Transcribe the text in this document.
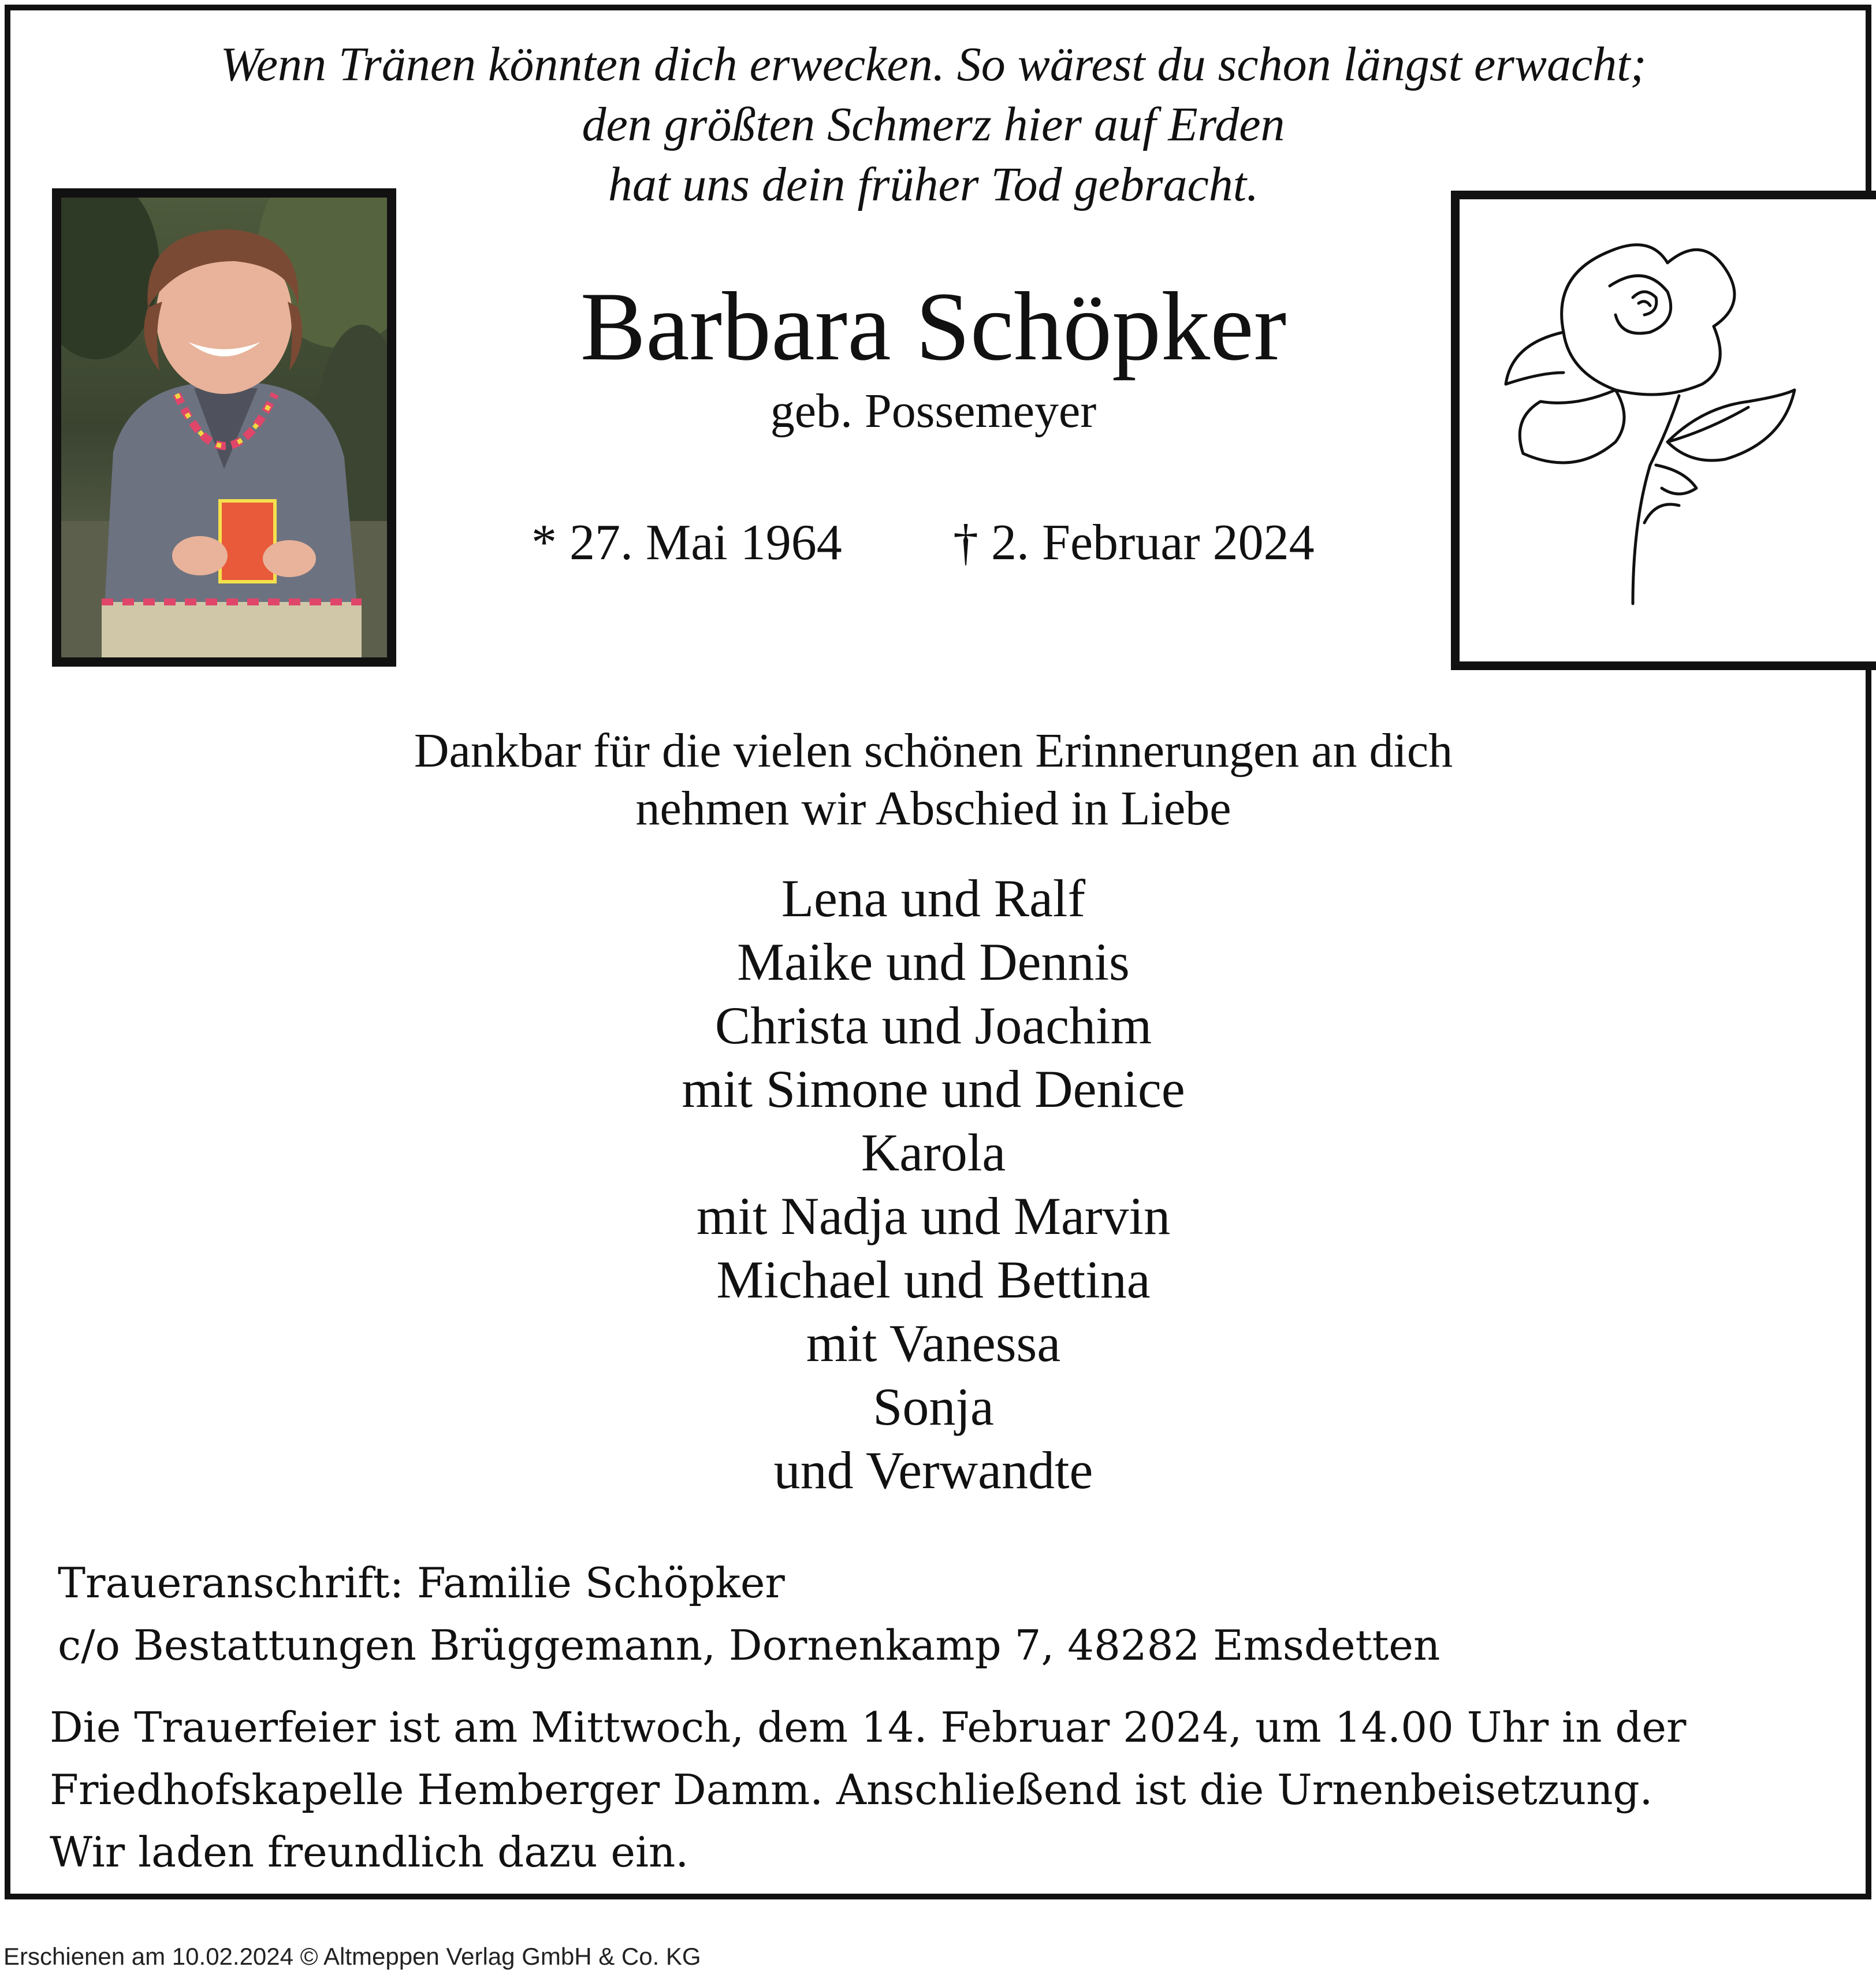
Wenn Tränen könnten dich erwecken. So wärest du schon längst erwacht;
den größten Schmerz hier auf Erden
hat uns dein früher Tod gebracht.
Barbara Schöpker
geb. Possemeyer
* 27. Mai 1964 † 2. Februar 2024
Dankbar für die vielen schönen Erinnerungen an dich
nehmen wir Abschied in Liebe
Lena und Ralf
Maike und Dennis
Christa und Joachim
mit Simone und Denice
Karola
mit Nadja und Marvin
Michael und Bettina
mit Vanessa
Sonja
und Verwandte
Traueranschrift: Familie Schöpker
c/o Bestattungen Brüggemann, Dornenkamp 7, 48282 Emsdetten
Die Trauerfeier ist am Mittwoch, dem 14. Februar 2024, um 14.00 Uhr in der
Friedhofskapelle Hemberger Damm. Anschließend ist die Urnenbeisetzung.
Wir laden freundlich dazu ein.
Erschienen am 10.02.2024 © Altmeppen Verlag GmbH & Co. KG
